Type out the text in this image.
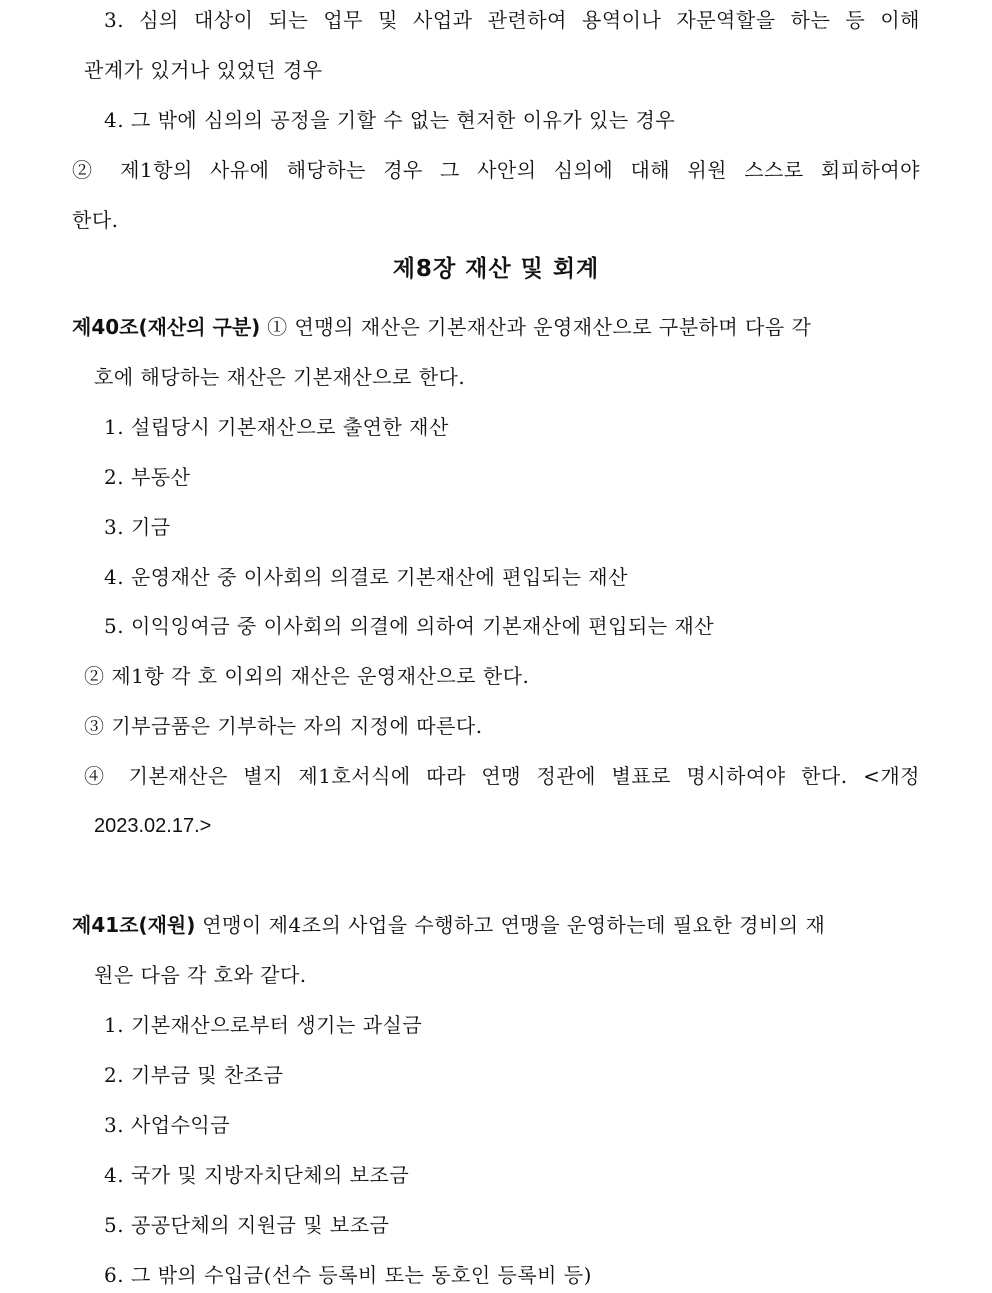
3. 심의 대상이 되는 업무 및 사업과 관련하여 용역이나 자문역할을 하는 등 이해
관계가 있거나 있었던 경우
4. 그 밖에 심의의 공정을 기할 수 없는 현저한 이유가 있는 경우
② 제1항의 사유에 해당하는 경우 그 사안의 심의에 대해 위원 스스로 회피하여야
한다.
제8장 재산 및 회계
제40조(재산의 구분) ① 연맹의 재산은 기본재산과 운영재산으로 구분하며 다음 각
호에 해당하는 재산은 기본재산으로 한다.
1. 설립당시 기본재산으로 출연한 재산
2. 부동산
3. 기금
4. 운영재산 중 이사회의 의결로 기본재산에 편입되는 재산
5. 이익잉여금 중 이사회의 의결에 의하여 기본재산에 편입되는 재산
② 제1항 각 호 이외의 재산은 운영재산으로 한다.
③ 기부금품은 기부하는 자의 지정에 따른다.
④ 기본재산은 별지 제1호서식에 따라 연맹 정관에 별표로 명시하여야 한다. <개정
2023.02.17.>
제41조(재원) 연맹이 제4조의 사업을 수행하고 연맹을 운영하는데 필요한 경비의 재
원은 다음 각 호와 같다.
1. 기본재산으로부터 생기는 과실금
2. 기부금 및 찬조금
3. 사업수익금
4. 국가 및 지방자치단체의 보조금
5. 공공단체의 지원금 및 보조금
6. 그 밖의 수입금(선수 등록비 또는 동호인 등록비 등)
